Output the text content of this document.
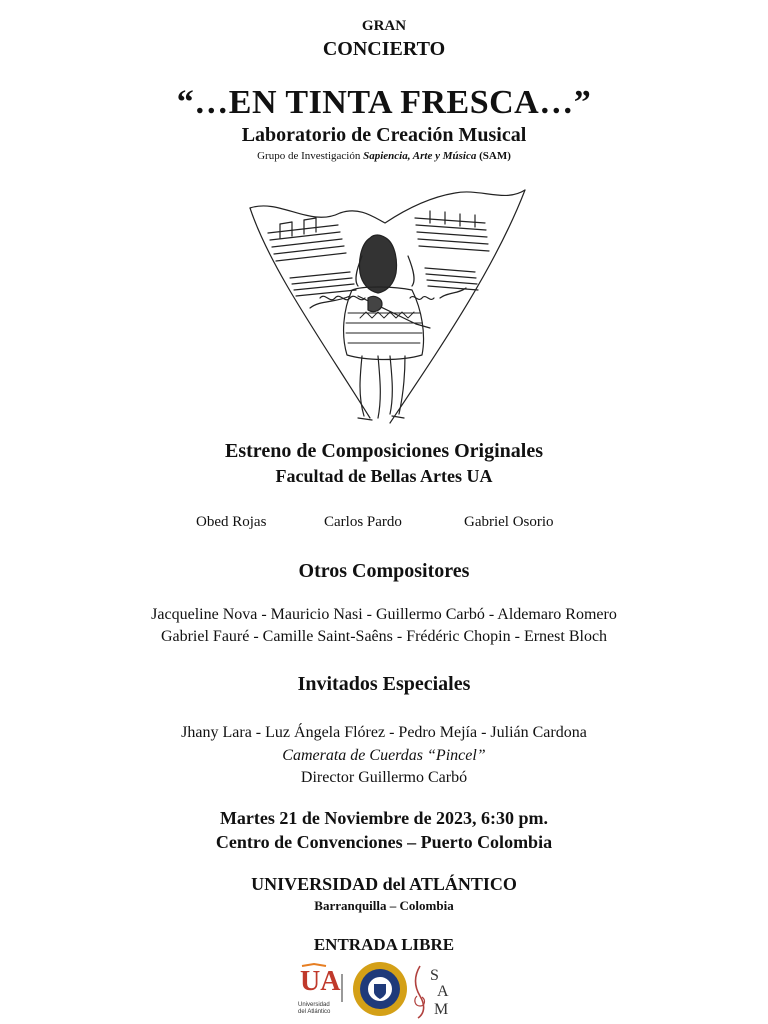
GRAN
CONCIERTO
“…EN TINTA FRESCA…”
Laboratorio de Creación Musical
Grupo de Investigación Sapiencia, Arte y Música (SAM)
Estreno de Composiciones Originales
Facultad de Bellas Artes UA
Obed Rojas	Carlos Pardo	Gabriel Osorio
Otros Compositores
Jacqueline Nova - Mauricio Nasi - Guillermo Carbó - Aldemaro Romero
Gabriel Fauré - Camille Saint-Saêns - Frédéric Chopin - Ernest Bloch
Invitados Especiales
Jhany Lara - Luz Ángela Flórez - Pedro Mejía - Julián Cardona
Camerata de Cuerdas “Pincel”
Director Guillermo Carbó
Martes 21 de Noviembre de 2023, 6:30 pm.
Centro de Convenciones – Puerto Colombia
UNIVERSIDAD del ATLÁNTICO
Barranquilla – Colombia
ENTRADA LIBRE
UA
Universidad
del Atlántico
S
A
M
